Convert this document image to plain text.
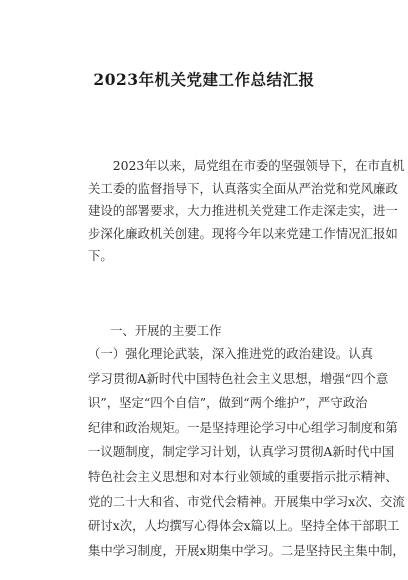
2023年机关党建工作总结汇报
　　2023年以来，局党组在市委的坚强领导下，在市直机
关工委的监督指导下，认真落实全面从严治党和党风廉政
建设的部署要求，大力推进机关党建工作走深走实，进一
步深化廉政机关创建。现将今年以来党建工作情况汇报如
下。
一、开展的主要工作
（一）强化理论武装，深入推进党的政治建设。认真
学习贯彻A新时代中国特色社会主义思想，增强“四个意
识”，坚定“四个自信”，做到“两个维护”，严守政治
纪律和政治规矩。一是坚持理论学习中心组学习制度和第
一议题制度，制定学习计划，认真学习贯彻A新时代中国
特色社会主义思想和对本行业领域的重要指示批示精神、
党的二十大和省、市党代会精神。开展集中学习x次、交流
研讨x次，人均撰写心得体会x篇以上。坚持全体干部职工
集中学习制度，开展x期集中学习。二是坚持民主集中制，
